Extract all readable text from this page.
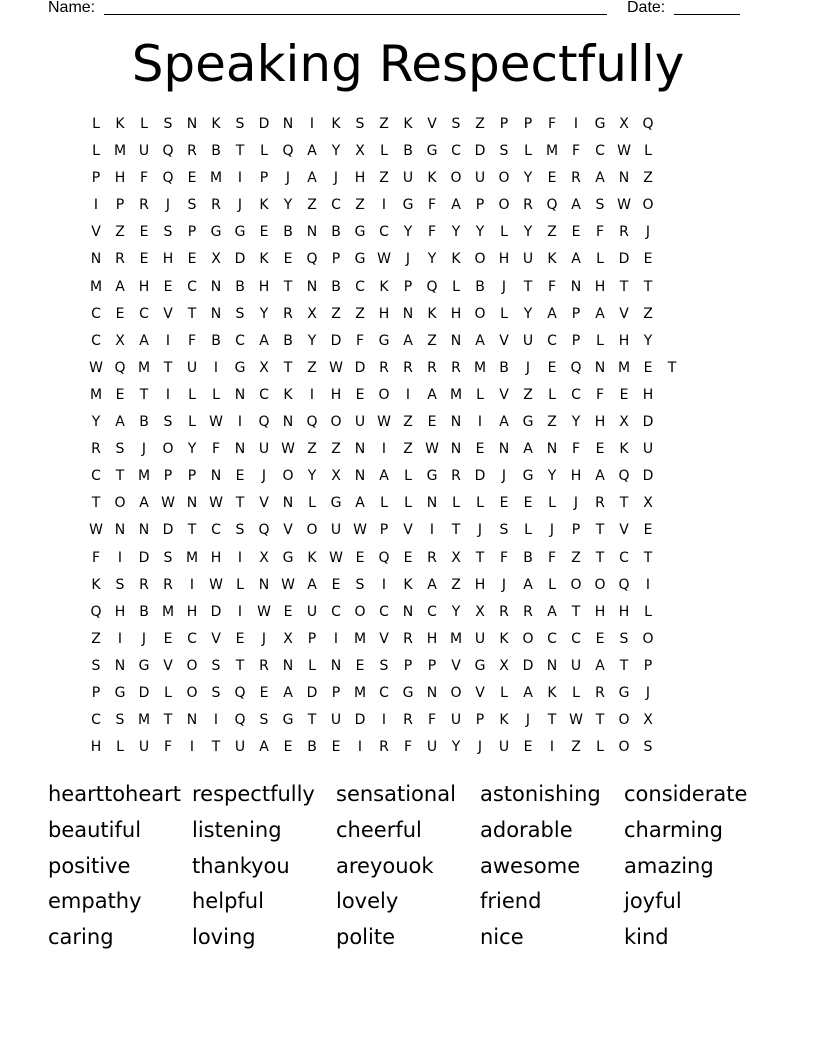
Name:	Date:
Speaking Respectfully
L	K	L	S	N	K	S	D N	I	K	S	Z	K	V	S	Z	P	P	F	I	G X Q
L	M U Q R	B	T	L	Q A	Y	X	L	B G C D	S	L	M F	C W L
P	H	F	Q	E M	I	P	J	A	J	H Z	U	K O U O	Y	E	R	A N Z
I	P	R	J	S	R	J	K	Y	Z	C	Z	I	G	F	A	P	O R Q A	S W O
V	Z	E	S	P	G G	E	B N B G C	Y	F	Y	Y	L	Y	Z	E	F	R	J
N R	E	H	E	X D	K	E	Q	P	G W	J	Y	K O H U	K	A	L	D	E
M A H	E	C N B H	T	N B	C	K	P	Q	L	B	J	T	F	N H	T	T
C	E	C	V	T	N	S	Y	R	X	Z	Z H N	K	H O	L	Y	A	P	A	V	Z
C	X	A	I	F	B	C	A	B	Y	D	F	G A	Z N A	V	U C	P	L	H	Y
W Q M T	U	I	G X	T	Z W D R	R	R	R M B	J	E	Q N M E	T
M E	T	I	L	L	N C	K	I	H	E	O	I	A M	L	V	Z	L	C	F	E	H
Y	A	B	S	L W	I	Q N Q O U W Z	E	N	I	A G Z	Y	H X D
R	S	J	O	Y	F	N U W Z	Z N	I	Z W N	E	N A N	F	E	K	U
C	T M P	P	N	E	J	O	Y	X N A	L	G R D	J	G	Y	H A Q D
T	O A W N W T	V N	L	G A	L	L	N	L	L	E	E	L	J	R	T	X
W N N D	T	C	S	Q V O U W P	V	I	T	J	S	L	J	P	T	V	E
F	I	D	S M H	I	X G K W E	Q	E	R	X	T	F	B	F	Z	T	C	T
K	S	R	R	I	W L	N W A	E	S	I	K	A	Z H	J	A	L	O O Q	I
Q H B M H D	I	W E	U C O C N C	Y	X	R	R	A	T	H H	L
Z	I	J	E	C	V	E	J	X	P	I	M V	R H M U	K O C	C	E	S	O
S	N G V O	S	T	R N	L	N	E	S	P	P	V G X D N U	A	T	P
P	G D	L	O	S	Q	E	A D	P M C G N O V	L	A	K	L	R G	J
C	S M T	N	I	Q	S	G	T	U D	I	R	F	U	P	K	J	T W T	O X
H	L	U	F	I	T	U	A	E	B	E	I	R	F	U	Y	J	U	E	I	Z	L	O	S
hearttoheart respectfully	sensational	astonishing	considerate
beautiful	listening	cheerful	adorable	charming
positive	thankyou	areyouok	awesome	amazing
empathy	helpful	lovely	friend	joyful
caring	loving	polite	nice	kind
